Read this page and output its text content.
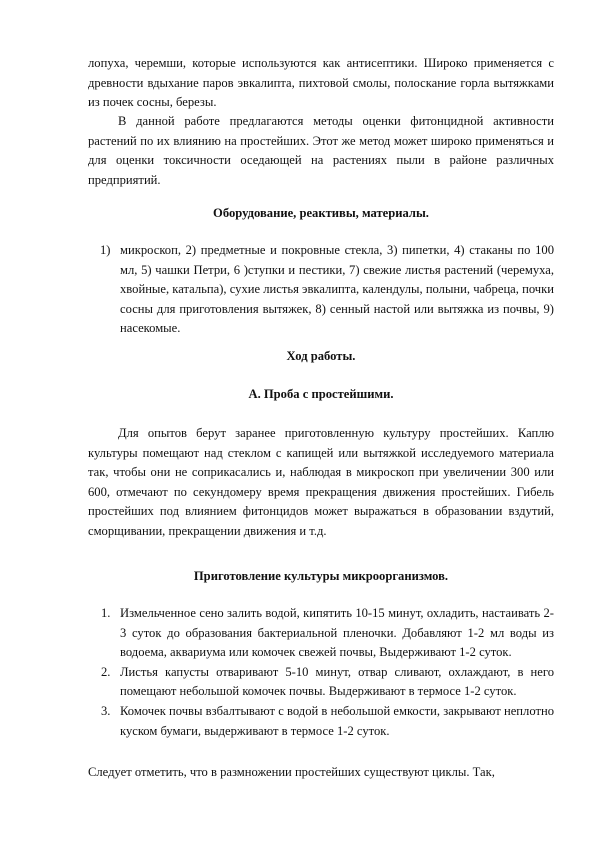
лопуха, черемши, которые используются как антисептики. Широко применяется с древности вдыхание паров эвкалипта, пихтовой смолы, полоскание горла вытяжками из почек сосны, березы.
В данной работе предлагаются методы оценки фитонцидной активности растений по их влиянию на простейших. Этот же метод может широко применяться и для оценки токсичности оседающей на растениях пыли в районе различных предприятий.
Оборудование, реактивы, материалы.
1) микроскоп, 2) предметные и покровные стекла, 3) пипетки, 4) стаканы по 100 мл, 5) чашки Петри, 6 )ступки и пестики, 7) свежие листья растений (черемуха, хвойные, катальпа), сухие листья эвкалипта, календулы, полыни, чабреца, почки сосны для приготовления вытяжек, 8) сенный настой или вытяжка из почвы, 9) насекомые.
Ход работы.
А. Проба с простейшими.
Для опытов берут заранее приготовленную культуру простейших. Каплю культуры помещают над стеклом с капищей или вытяжкой исследуемого материала так, чтобы они не соприкасались и, наблюдая в микроскоп при увеличении 300 или 600, отмечают по секундомеру время прекращения движения простейших. Гибель простейших под влиянием фитонцидов может выражаться в образовании вздутий, сморщивании, прекращении движения и т.д.
Приготовление культуры микроорганизмов.
1. Измельченное сено залить водой, кипятить 10-15 минут, охладить, настаивать 2-3 суток до образования бактериальной пленочки. Добавляют 1-2 мл воды из водоема, аквариума или комочек свежей почвы, Выдерживают 1-2 суток.
2. Листья капусты отваривают 5-10 минут, отвар сливают, охлаждают, в него помещают небольшой комочек почвы. Выдерживают в термосе 1-2 суток.
3. Комочек почвы взбалтывают с водой в небольшой емкости, закрывают неплотно куском бумаги, выдерживают в термосе 1-2 суток.
Следует отметить, что в размножении простейших существуют циклы. Так,
